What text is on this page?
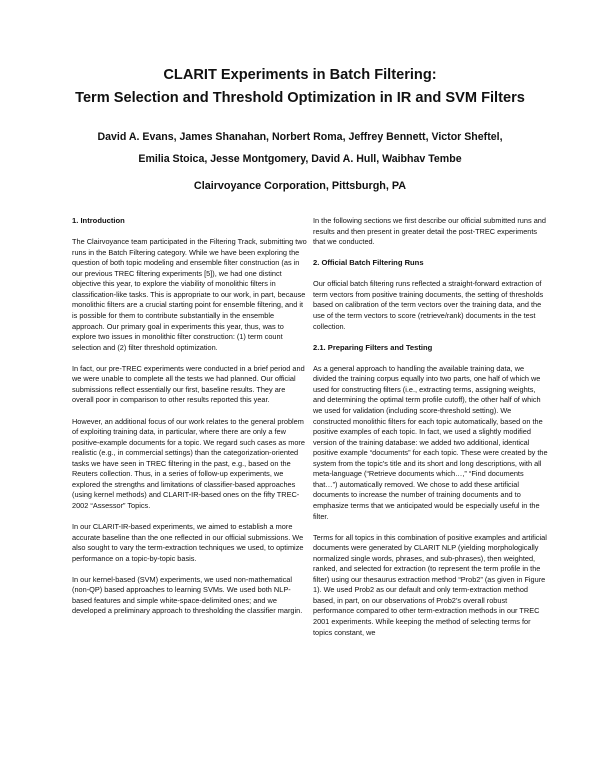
CLARIT Experiments in Batch Filtering:
Term Selection and Threshold Optimization in IR and SVM Filters
David A. Evans, James Shanahan, Norbert Roma, Jeffrey Bennett, Victor Sheftel,
Emilia Stoica, Jesse Montgomery, David A. Hull, Waibhav Tembe
Clairvoyance Corporation, Pittsburgh, PA
1. Introduction

The Clairvoyance team participated in the Filtering Track, submitting two runs in the Batch Filtering category. While we have been exploring the question of both topic modeling and ensemble filter construction (as in our previous TREC filtering experiments [5]), we had one distinct objective this year, to explore the viability of monolithic filters in classification-like tasks. This is appropriate to our work, in part, because monolithic filters are a crucial starting point for ensemble filtering, and it is possible for them to contribute substantially in the ensemble approach. Our primary goal in experiments this year, thus, was to explore two issues in monolithic filter construction: (1) term count selection and (2) filter threshold optimization.

In fact, our pre-TREC experiments were conducted in a brief period and we were unable to complete all the tests we had planned. Our official submissions reflect essentially our first, baseline results. They are overall poor in comparison to other results reported this year.

However, an additional focus of our work relates to the general problem of exploiting training data, in particular, where there are only a few positive-example documents for a topic. We regard such cases as more realistic (e.g., in commercial settings) than the categorization-oriented tasks we have seen in TREC filtering in the past, e.g., based on the Reuters collection. Thus, in a series of follow-up experiments, we explored the strengths and limitations of classifier-based approaches (using kernel methods) and CLARIT-IR-based ones on the fifty TREC-2002 “Assessor” Topics.

In our CLARIT-IR-based experiments, we aimed to establish a more accurate baseline than the one reflected in our official submissions. We also sought to vary the term-extraction techniques we used, to optimize performance on a topic-by-topic basis.

In our kernel-based (SVM) experiments, we used non-mathematical (non-QP) based approaches to learning SVMs. We used both NLP-based features and simple white-space-delimited ones; and we developed a preliminary approach to thresholding the classifier margin.

In the following sections we first describe our official submitted runs and results and then present in greater detail the post-TREC experiments that we conducted.

2. Official Batch Filtering Runs

Our official batch filtering runs reflected a straight-forward extraction of term vectors from positive training documents, the setting of thresholds based on calibration of the term vectors over the training data, and the use of the term vectors to score (retrieve/rank) documents in the test collection.

2.1. Preparing Filters and Testing

As a general approach to handling the available training data, we divided the training corpus equally into two parts, one half of which we used for constructing filters (i.e., extracting terms, assigning weights, and determining the optimal term profile cutoff), the other half of which we used for validation (including score-threshold setting). We constructed monolithic filters for each topic automatically, based on the positive examples of each topic. In fact, we used a slightly modified version of the training database: we added two additional, identical positive example “documents” for each topic. These were created by the system from the topic’s title and its short and long descriptions, with all meta-language (“Retrieve documents which…,” “Find documents that…”) automatically removed. We chose to add these artificial documents to increase the number of training documents and to emphasize terms that we anticipated would be especially useful in the filter.

Terms for all topics in this combination of positive examples and artificial documents were generated by CLARIT NLP (yielding morphologically normalized single words, phrases, and sub-phrases), then weighted, ranked, and selected for extraction (to represent the term profile in the filter) using our thesaurus extraction method “Prob2” (as given in Figure 1). We used Prob2 as our default and only term-extraction method based, in part, on our observations of Prob2’s overall robust performance compared to other term-extraction methods in our TREC 2001 experiments. While keeping the method of selecting terms for topics constant, we
